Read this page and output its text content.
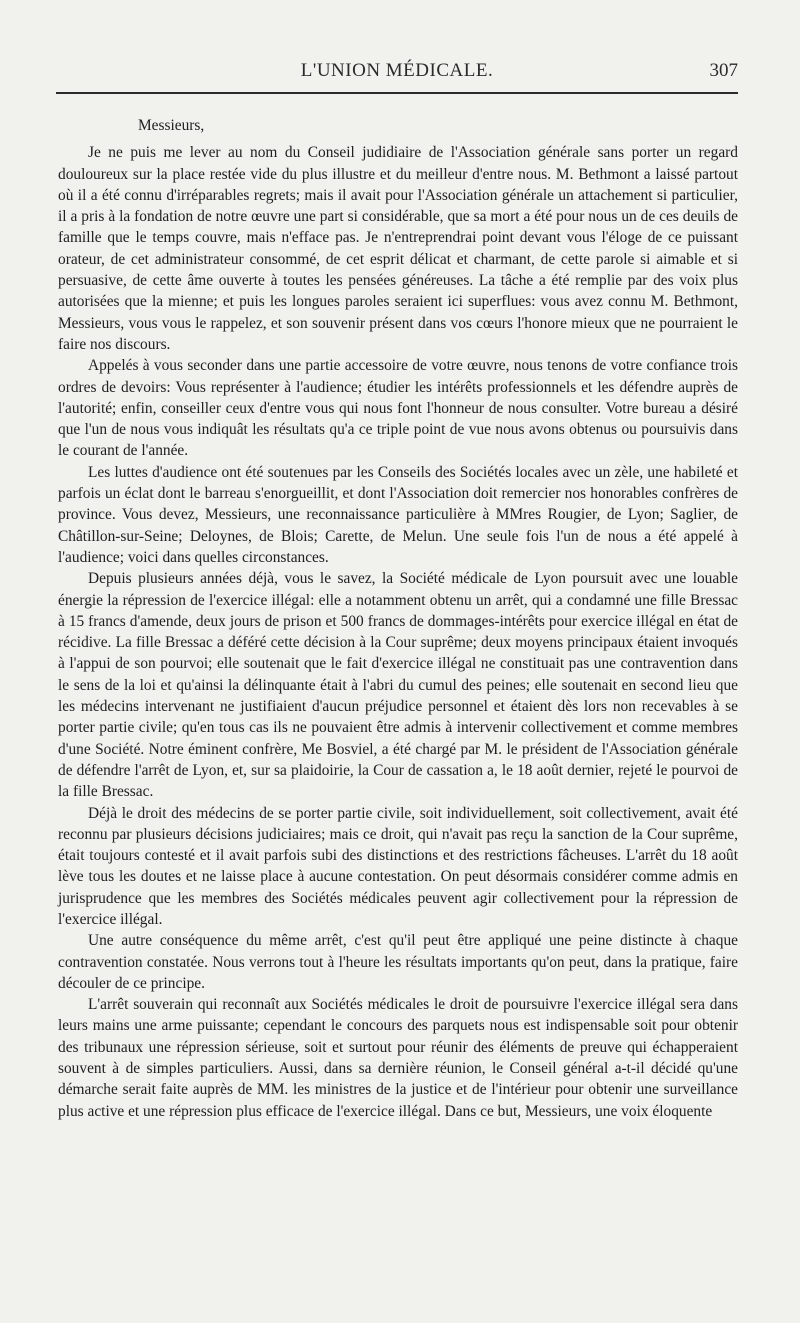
L'UNION MÉDICALE.	307

Messieurs,

Je ne puis me lever au nom du Conseil judidiaire de l'Association générale sans porter un regard douloureux sur la place restée vide du plus illustre et du meilleur d'entre nous. M. Bethmont a laissé partout où il a été connu d'irréparables regrets; mais il avait pour l'Association générale un attachement si particulier, il a pris à la fondation de notre œuvre une part si considérable, que sa mort a été pour nous un de ces deuils de famille que le temps couvre, mais n'efface pas. Je n'entreprendrai point devant vous l'éloge de ce puissant orateur, de cet administrateur consommé, de cet esprit délicat et charmant, de cette parole si aimable et si persuasive, de cette âme ouverte à toutes les pensées généreuses. La tâche a été remplie par des voix plus autorisées que la mienne; et puis les longues paroles seraient ici superflues: vous avez connu M. Bethmont, Messieurs, vous vous le rappelez, et son souvenir présent dans vos cœurs l'honore mieux que ne pourraient le faire nos discours.

Appelés à vous seconder dans une partie accessoire de votre œuvre, nous tenons de votre confiance trois ordres de devoirs: Vous représenter à l'audience; étudier les intérêts professionnels et les défendre auprès de l'autorité; enfin, conseiller ceux d'entre vous qui nous font l'honneur de nous consulter. Votre bureau a désiré que l'un de nous vous indiquât les résultats qu'a ce triple point de vue nous avons obtenus ou poursuivis dans le courant de l'année.

Les luttes d'audience ont été soutenues par les Conseils des Sociétés locales avec un zèle, une habileté et parfois un éclat dont le barreau s'enorgueillit, et dont l'Association doit remercier nos honorables confrères de province. Vous devez, Messieurs, une reconnaissance particulière à MMres Rougier, de Lyon; Saglier, de Châtillon-sur-Seine; Deloynes, de Blois; Carette, de Melun. Une seule fois l'un de nous a été appelé à l'audience; voici dans quelles circonstances.

Depuis plusieurs années déjà, vous le savez, la Société médicale de Lyon poursuit avec une louable énergie la répression de l'exercice illégal: elle a notamment obtenu un arrêt, qui a condamné une fille Bressac à 15 francs d'amende, deux jours de prison et 500 francs de dommages-intérêts pour exercice illégal en état de récidive. La fille Bressac a déféré cette décision à la Cour suprême; deux moyens principaux étaient invoqués à l'appui de son pourvoi; elle soutenait que le fait d'exercice illégal ne constituait pas une contravention dans le sens de la loi et qu'ainsi la délinquante était à l'abri du cumul des peines; elle soutenait en second lieu que les médecins intervenant ne justifiaient d'aucun préjudice personnel et étaient dès lors non recevables à se porter partie civile; qu'en tous cas ils ne pouvaient être admis à intervenir collectivement et comme membres d'une Société. Notre éminent confrère, Me Bosviel, a été chargé par M. le président de l'Association générale de défendre l'arrêt de Lyon, et, sur sa plaidoirie, la Cour de cassation a, le 18 août dernier, rejeté le pourvoi de la fille Bressac.

Déjà le droit des médecins de se porter partie civile, soit individuellement, soit collectivement, avait été reconnu par plusieurs décisions judiciaires; mais ce droit, qui n'avait pas reçu la sanction de la Cour suprême, était toujours contesté et il avait parfois subi des distinctions et des restrictions fâcheuses. L'arrêt du 18 août lève tous les doutes et ne laisse place à aucune contestation. On peut désormais considérer comme admis en jurisprudence que les membres des Sociétés médicales peuvent agir collectivement pour la répression de l'exercice illégal.

Une autre conséquence du même arrêt, c'est qu'il peut être appliqué une peine distincte à chaque contravention constatée. Nous verrons tout à l'heure les résultats importants qu'on peut, dans la pratique, faire découler de ce principe.

L'arrêt souverain qui reconnaît aux Sociétés médicales le droit de poursuivre l'exercice illégal sera dans leurs mains une arme puissante; cependant le concours des parquets nous est indispensable soit pour obtenir des tribunaux une répression sérieuse, soit et surtout pour réunir des éléments de preuve qui échapperaient souvent à de simples particuliers. Aussi, dans sa dernière réunion, le Conseil général a-t-il décidé qu'une démarche serait faite auprès de MM. les ministres de la justice et de l'intérieur pour obtenir une surveillance plus active et une répression plus efficace de l'exercice illégal. Dans ce but, Messieurs, une voix éloquente
